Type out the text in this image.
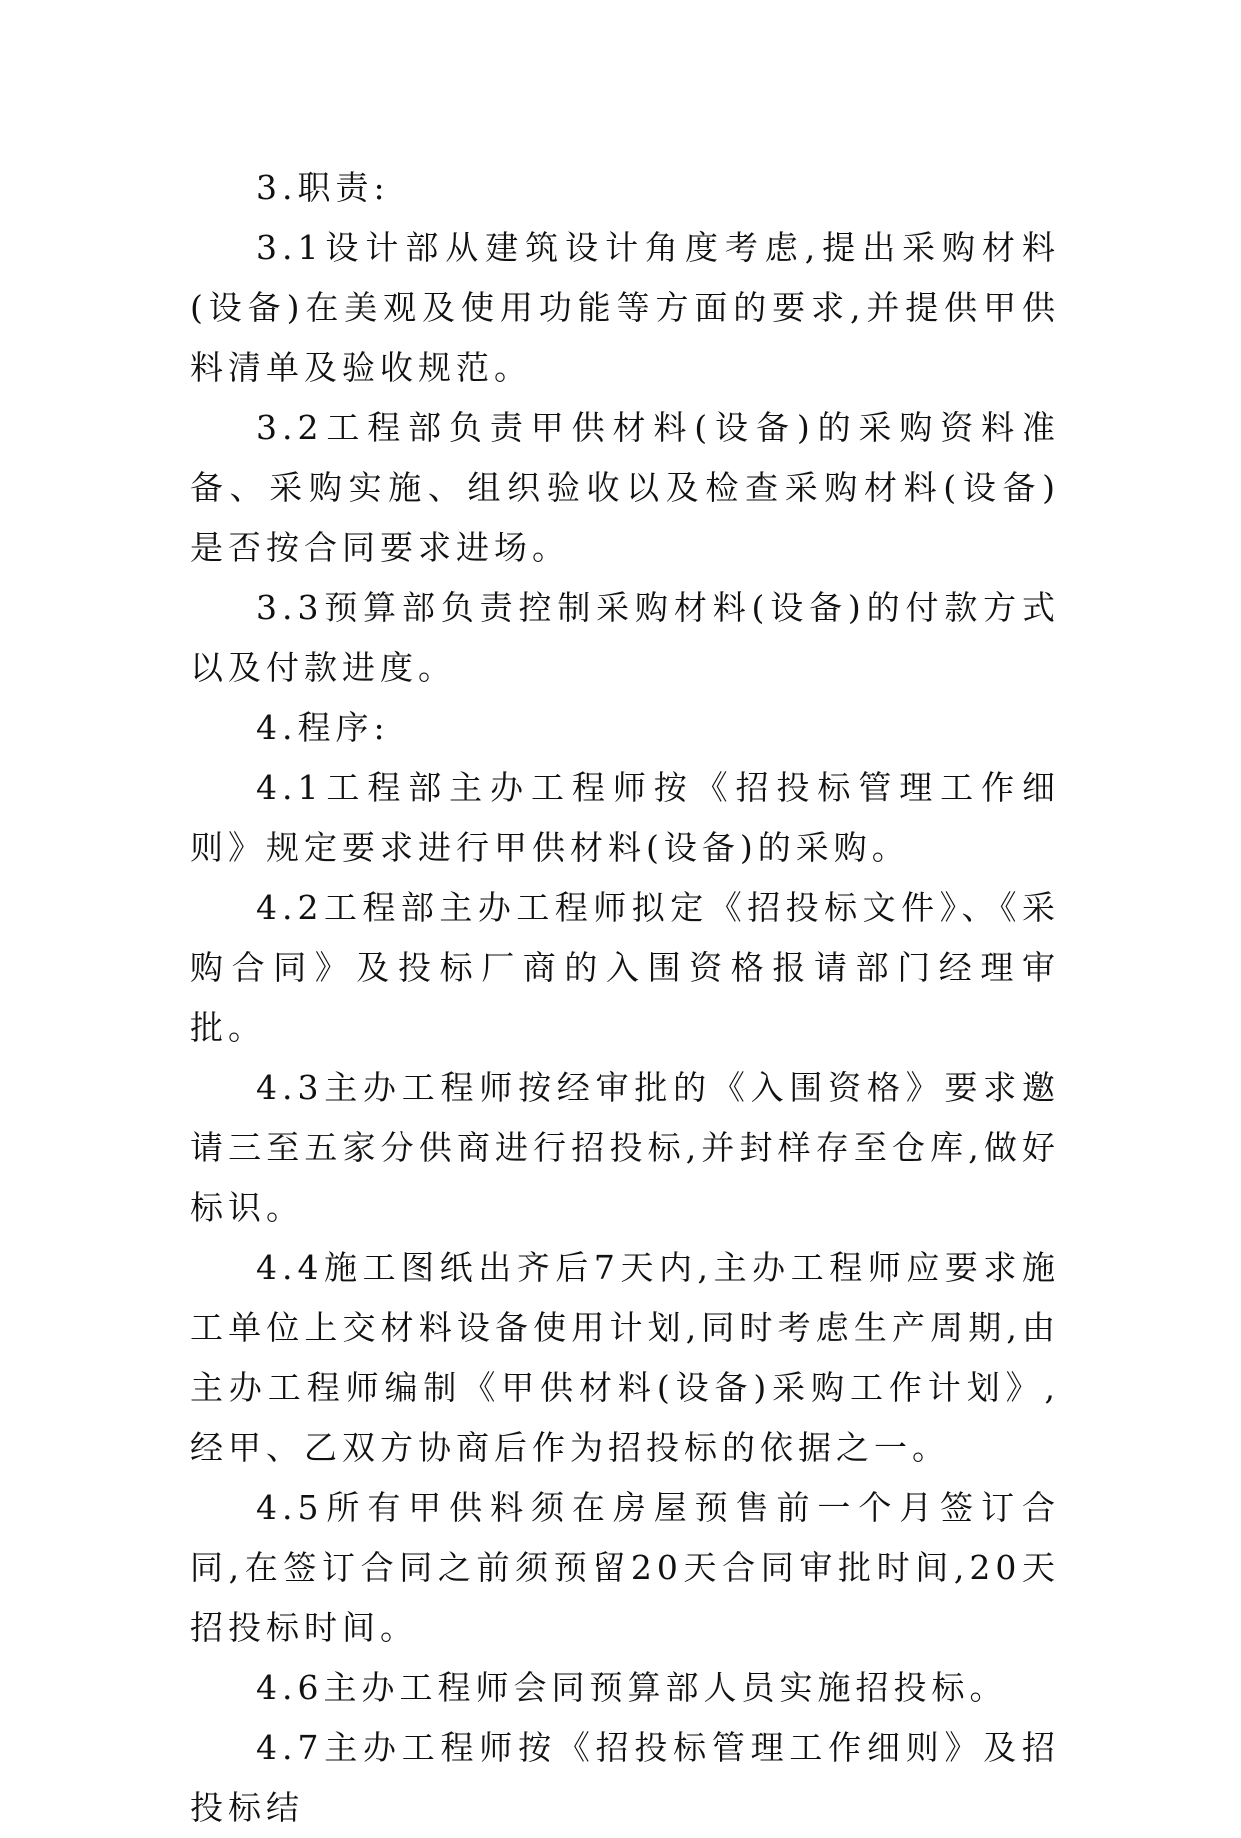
3.职责:

3.1设计部从建筑设计角度考虑,提出采购材料(设备)在美观及使用功能等方面的要求,并提供甲供料清单及验收规范。

3.2工程部负责甲供材料(设备)的采购资料准备、采购实施、组织验收以及检查采购材料(设备)是否按合同要求进场。

3.3预算部负责控制采购材料(设备)的付款方式以及付款进度。

4.程序:

4.1工程部主办工程师按《招投标管理工作细则》规定要求进行甲供材料(设备)的采购。

4.2工程部主办工程师拟定《招投标文件》、《采购合同》及投标厂商的入围资格报请部门经理审批。

4.3主办工程师按经审批的《入围资格》要求邀请三至五家分供商进行招投标,并封样存至仓库,做好标识。

4.4施工图纸出齐后7天内,主办工程师应要求施工单位上交材料设备使用计划,同时考虑生产周期,由主办工程师编制《甲供材料(设备)采购工作计划》,经甲、乙双方协商后作为招投标的依据之一。

4.5所有甲供料须在房屋预售前一个月签订合同,在签订合同之前须预留20天合同审批时间,20天招投标时间。

4.6主办工程师会同预算部人员实施招投标。

4.7主办工程师按《招投标管理工作细则》及招投标结
